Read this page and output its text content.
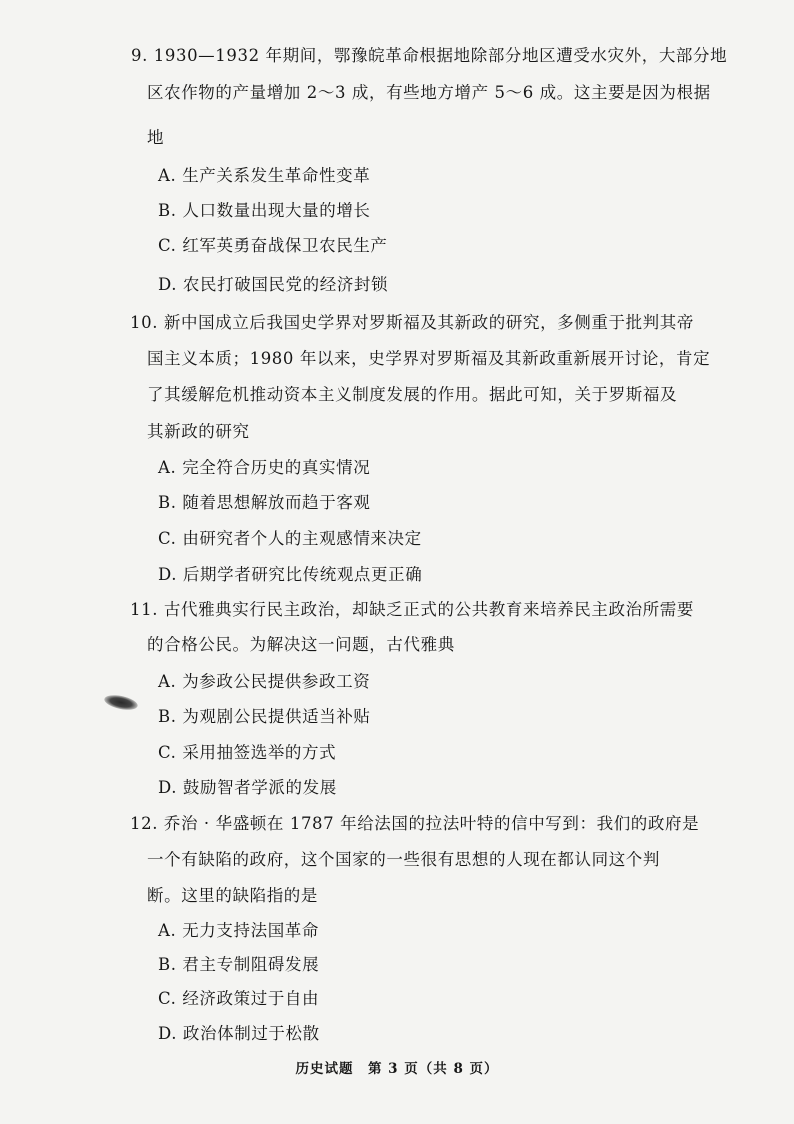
9. 1930—1932 年期间，鄂豫皖革命根据地除部分地区遭受水灾外，大部分地
区农作物的产量增加 2～3 成，有些地方增产 5～6 成。这主要是因为根据
地
A. 生产关系发生革命性变革
B. 人口数量出现大量的增长
C. 红军英勇奋战保卫农民生产
D. 农民打破国民党的经济封锁
10. 新中国成立后我国史学界对罗斯福及其新政的研究，多侧重于批判其帝
国主义本质；1980 年以来，史学界对罗斯福及其新政重新展开讨论，肯定
了其缓解危机推动资本主义制度发展的作用。据此可知，关于罗斯福及
其新政的研究
A. 完全符合历史的真实情况
B. 随着思想解放而趋于客观
C. 由研究者个人的主观感情来决定
D. 后期学者研究比传统观点更正确
11. 古代雅典实行民主政治，却缺乏正式的公共教育来培养民主政治所需要
的合格公民。为解决这一问题，古代雅典
A. 为参政公民提供参政工资
B. 为观剧公民提供适当补贴
C. 采用抽签选举的方式
D. 鼓励智者学派的发展
12. 乔治 · 华盛顿在 1787 年给法国的拉法叶特的信中写到：我们的政府是
一个有缺陷的政府，这个国家的一些很有思想的人现在都认同这个判
断。这里的缺陷指的是
A. 无力支持法国革命
B. 君主专制阻碍发展
C. 经济政策过于自由
D. 政治体制过于松散
历史试题　第 3 页（共 8 页）
